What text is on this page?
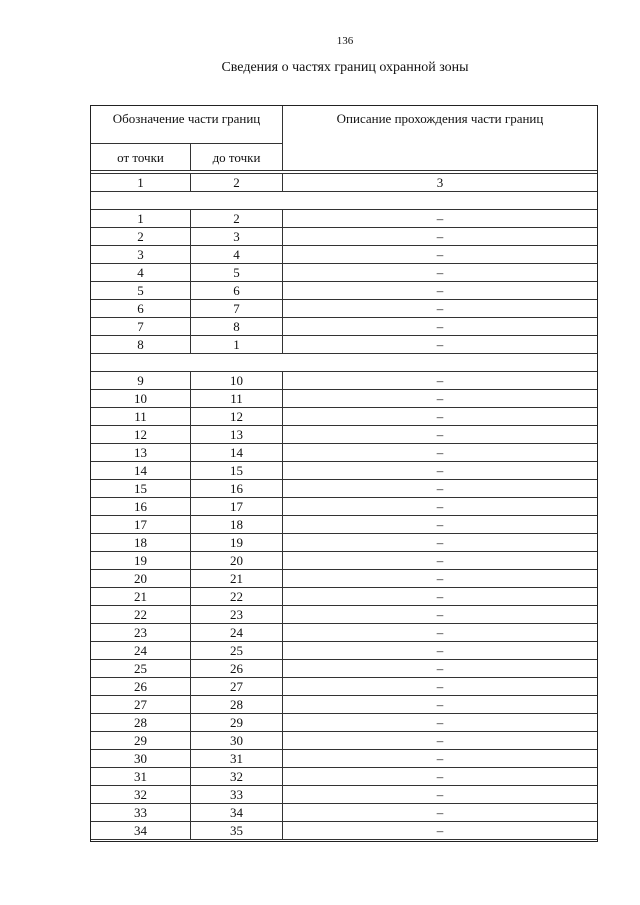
136
Сведения о частях границ охранной зоны
Обозначение части границ	Описание прохождения части границ
от точки	до точки
1	2	3
1	2	–
2	3	–
3	4	–
4	5	–
5	6	–
6	7	–
7	8	–
8	1	–
9	10	–
10	11	–
11	12	–
12	13	–
13	14	–
14	15	–
15	16	–
16	17	–
17	18	–
18	19	–
19	20	–
20	21	–
21	22	–
22	23	–
23	24	–
24	25	–
25	26	–
26	27	–
27	28	–
28	29	–
29	30	–
30	31	–
31	32	–
32	33	–
33	34	–
34	35	–
